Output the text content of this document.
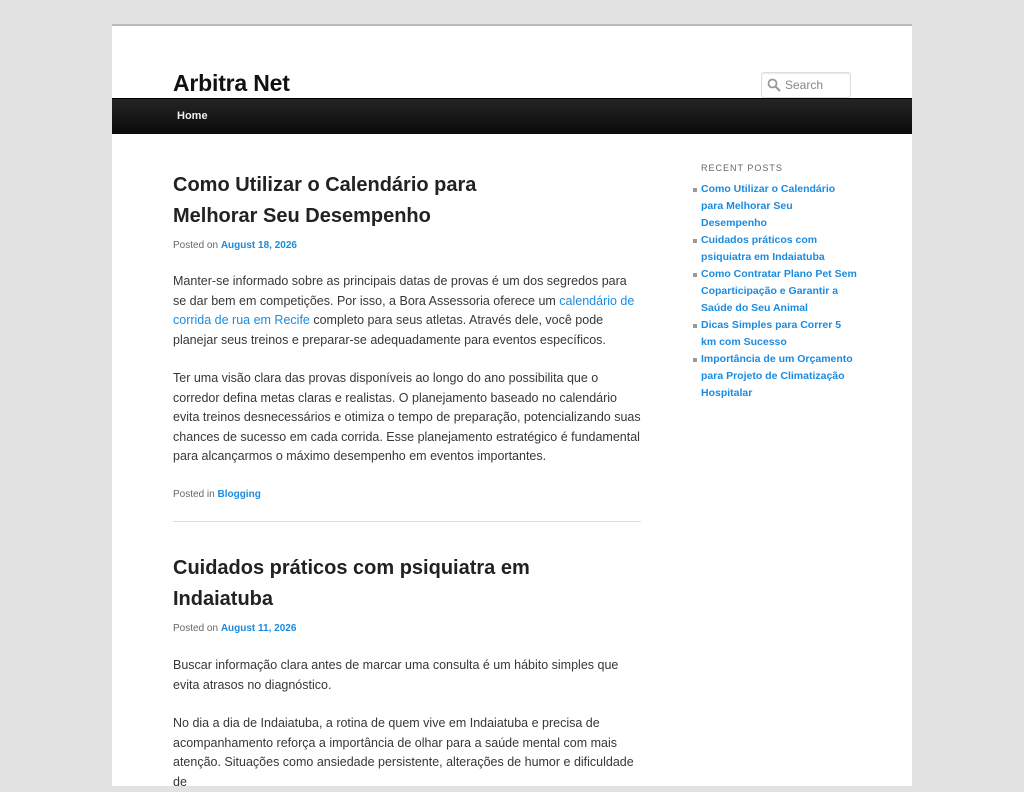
Arbitra Net	Search
Home
Como Utilizar o Calendário para Melhorar Seu Desempenho
Posted on August 18, 2026

Manter-se informado sobre as principais datas de provas é um dos segredos para se dar bem em competições. Por isso, a Bora Assessoria oferece um calendário de corrida de rua em Recife completo para seus atletas. Através dele, você pode planejar seus treinos e preparar-se adequadamente para eventos específicos.

Ter uma visão clara das provas disponíveis ao longo do ano possibilita que o corredor defina metas claras e realistas. O planejamento baseado no calendário evita treinos desnecessários e otimiza o tempo de preparação, potencializando suas chances de sucesso em cada corrida. Esse planejamento estratégico é fundamental para alcançarmos o máximo desempenho em eventos importantes.

Posted in Blogging
Cuidados práticos com psiquiatra em Indaiatuba
Posted on August 11, 2026

Buscar informação clara antes de marcar uma consulta é um hábito simples que evita atrasos no diagnóstico.

No dia a dia de Indaiatuba, a rotina de quem vive em Indaiatuba e precisa de acompanhamento reforça a importância de olhar para a saúde mental com mais atenção. Situações como ansiedade persistente, alterações de humor e dificuldade de

RECENT POSTS
Como Utilizar o Calendário para Melhorar Seu Desempenho
Cuidados práticos com psiquiatra em Indaiatuba
Como Contratar Plano Pet Sem Coparticipação e Garantir a Saúde do Seu Animal
Dicas Simples para Correr 5 km com Sucesso
Importância de um Orçamento para Projeto de Climatização Hospitalar
